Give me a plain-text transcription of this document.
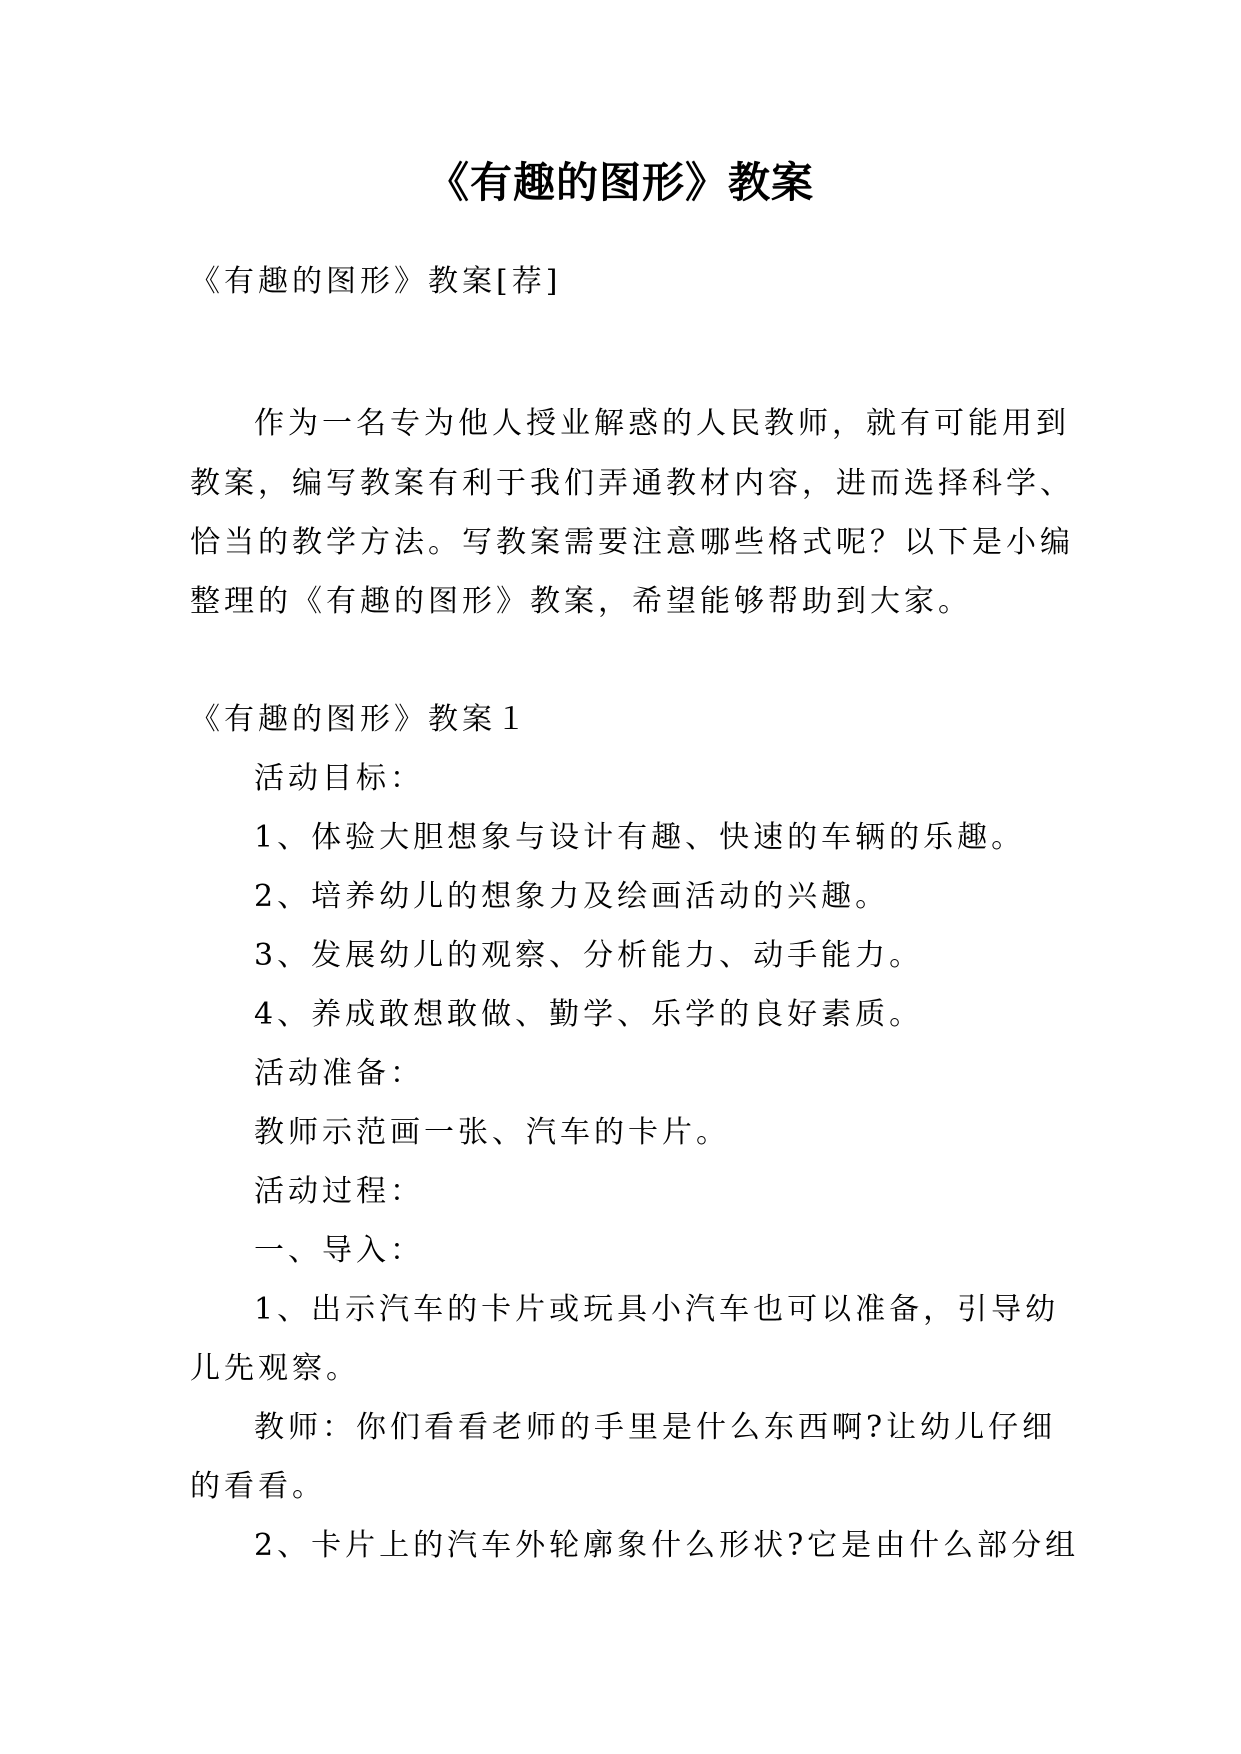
《有趣的图形》教案
《有趣的图形》教案[荐]
作为一名专为他人授业解惑的人民教师，就有可能用到
教案，编写教案有利于我们弄通教材内容，进而选择科学、
恰当的教学方法。写教案需要注意哪些格式呢？以下是小编
整理的《有趣的图形》教案，希望能够帮助到大家。
《有趣的图形》教案１
活动目标：
1、体验大胆想象与设计有趣、快速的车辆的乐趣。
2、培养幼儿的想象力及绘画活动的兴趣。
3、发展幼儿的观察、分析能力、动手能力。
4、养成敢想敢做、勤学、乐学的良好素质。
活动准备：
教师示范画一张、汽车的卡片。
活动过程：
一、导入：
1、出示汽车的卡片或玩具小汽车也可以准备，引导幼
儿先观察。
教师：你们看看老师的手里是什么东西啊?让幼儿仔细
的看看。
2、卡片上的汽车外轮廓象什么形状?它是由什么部分组
